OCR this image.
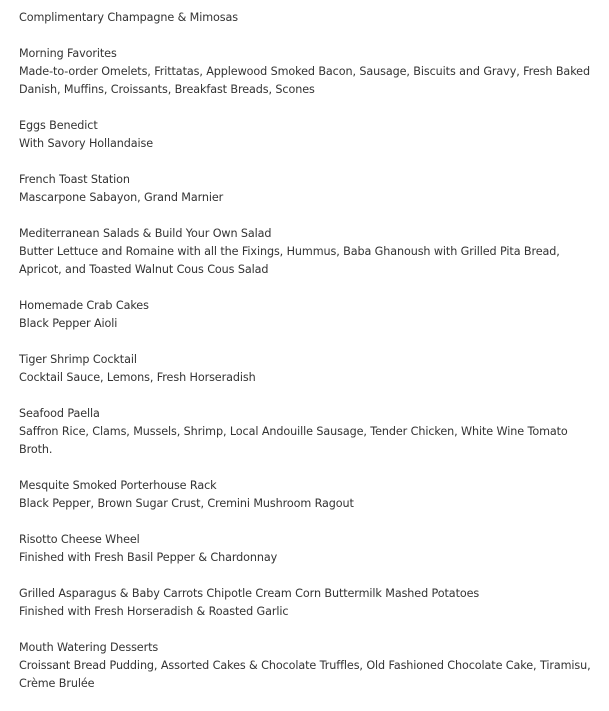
Complimentary Champagne & Mimosas
Morning Favorites
Made-to-order Omelets, Frittatas, Applewood Smoked Bacon, Sausage, Biscuits and Gravy, Fresh Baked Danish, Muffins, Croissants, Breakfast Breads, Scones
Eggs Benedict
With Savory Hollandaise
French Toast Station
Mascarpone Sabayon, Grand Marnier
Mediterranean Salads & Build Your Own Salad
Butter Lettuce and Romaine with all the Fixings, Hummus, Baba Ghanoush with Grilled Pita Bread, Apricot, and Toasted Walnut Cous Cous Salad
Homemade Crab Cakes
Black Pepper Aioli
Tiger Shrimp Cocktail
Cocktail Sauce, Lemons, Fresh Horseradish
Seafood Paella
Saffron Rice, Clams, Mussels, Shrimp, Local Andouille Sausage, Tender Chicken, White Wine Tomato Broth.
Mesquite Smoked Porterhouse Rack
Black Pepper, Brown Sugar Crust, Cremini Mushroom Ragout
Risotto Cheese Wheel
Finished with Fresh Basil Pepper & Chardonnay
Grilled Asparagus & Baby Carrots Chipotle Cream Corn Buttermilk Mashed Potatoes
Finished with Fresh Horseradish & Roasted Garlic
Mouth Watering Desserts
Croissant Bread Pudding, Assorted Cakes & Chocolate Truffles, Old Fashioned Chocolate Cake, Tiramisu, Crème Brulée
